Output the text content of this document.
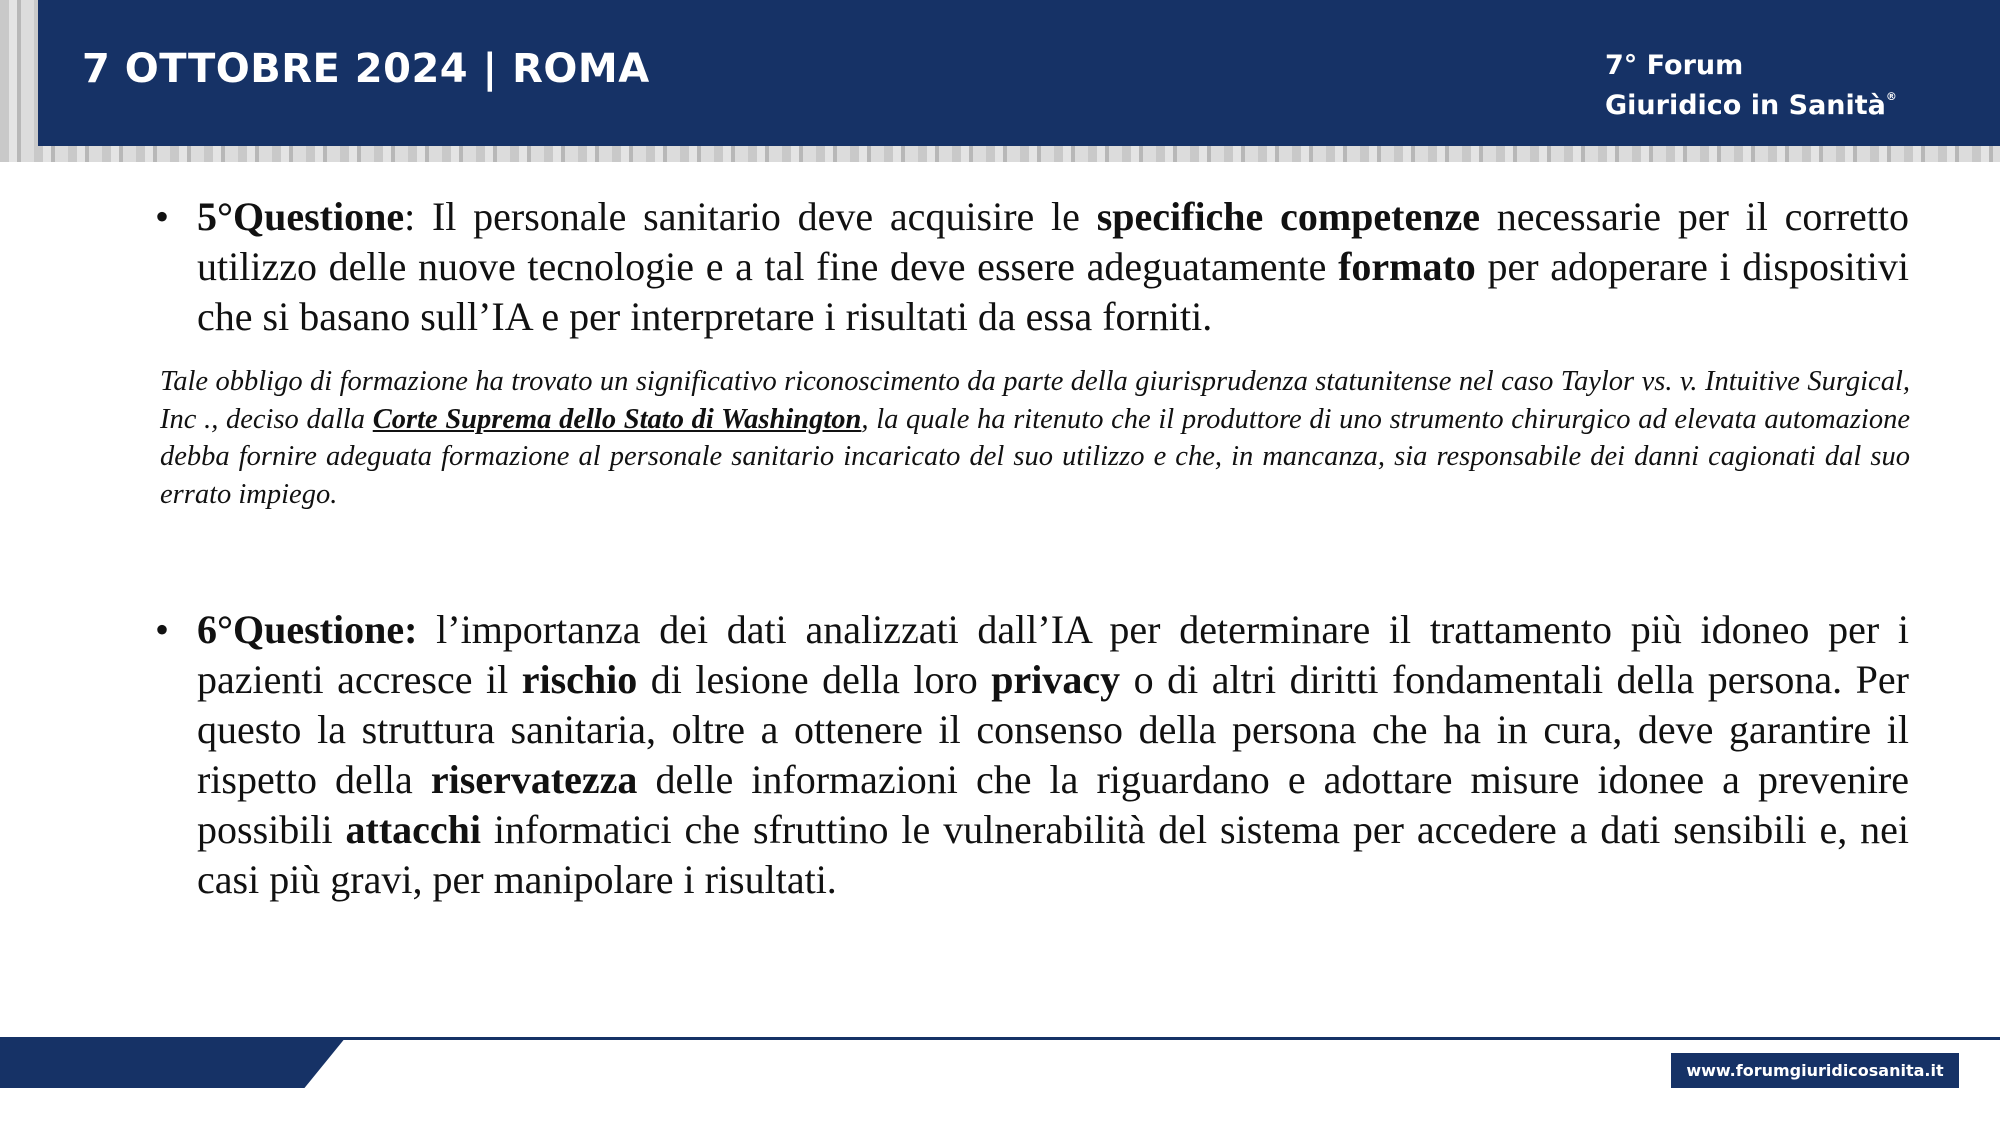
7 OTTOBRE 2024 | ROMA	7° Forum
Giuridico in Sanità®
• 5°Questione: Il personale sanitario deve acquisire le specifiche competenze necessarie per il corretto utilizzo delle nuove tecnologie e a tal fine deve essere adeguatamente formato per adoperare i dispositivi che si basano sull’IA e per interpretare i risultati da essa forniti.

Tale obbligo di formazione ha trovato un significativo riconoscimento da parte della giurisprudenza statunitense nel caso Taylor vs. v. Intuitive Surgical, Inc ., deciso dalla Corte Suprema dello Stato di Washington, la quale ha ritenuto che il produttore di uno strumento chirurgico ad elevata automazione debba fornire adeguata formazione al personale sanitario incaricato del suo utilizzo e che, in mancanza, sia responsabile dei danni cagionati dal suo errato impiego.

• 6°Questione: l’importanza dei dati analizzati dall’IA per determinare il trattamento più idoneo per i pazienti accresce il rischio di lesione della loro privacy o di altri diritti fondamentali della persona. Per questo la struttura sanitaria, oltre a ottenere il consenso della persona che ha in cura, deve garantire il rispetto della riservatezza delle informazioni che la riguardano e adottare misure idonee a prevenire possibili attacchi informatici che sfruttino le vulnerabilità del sistema per accedere a dati sensibili e, nei casi più gravi, per manipolare i risultati.

www.forumgiuridicosanita.it
